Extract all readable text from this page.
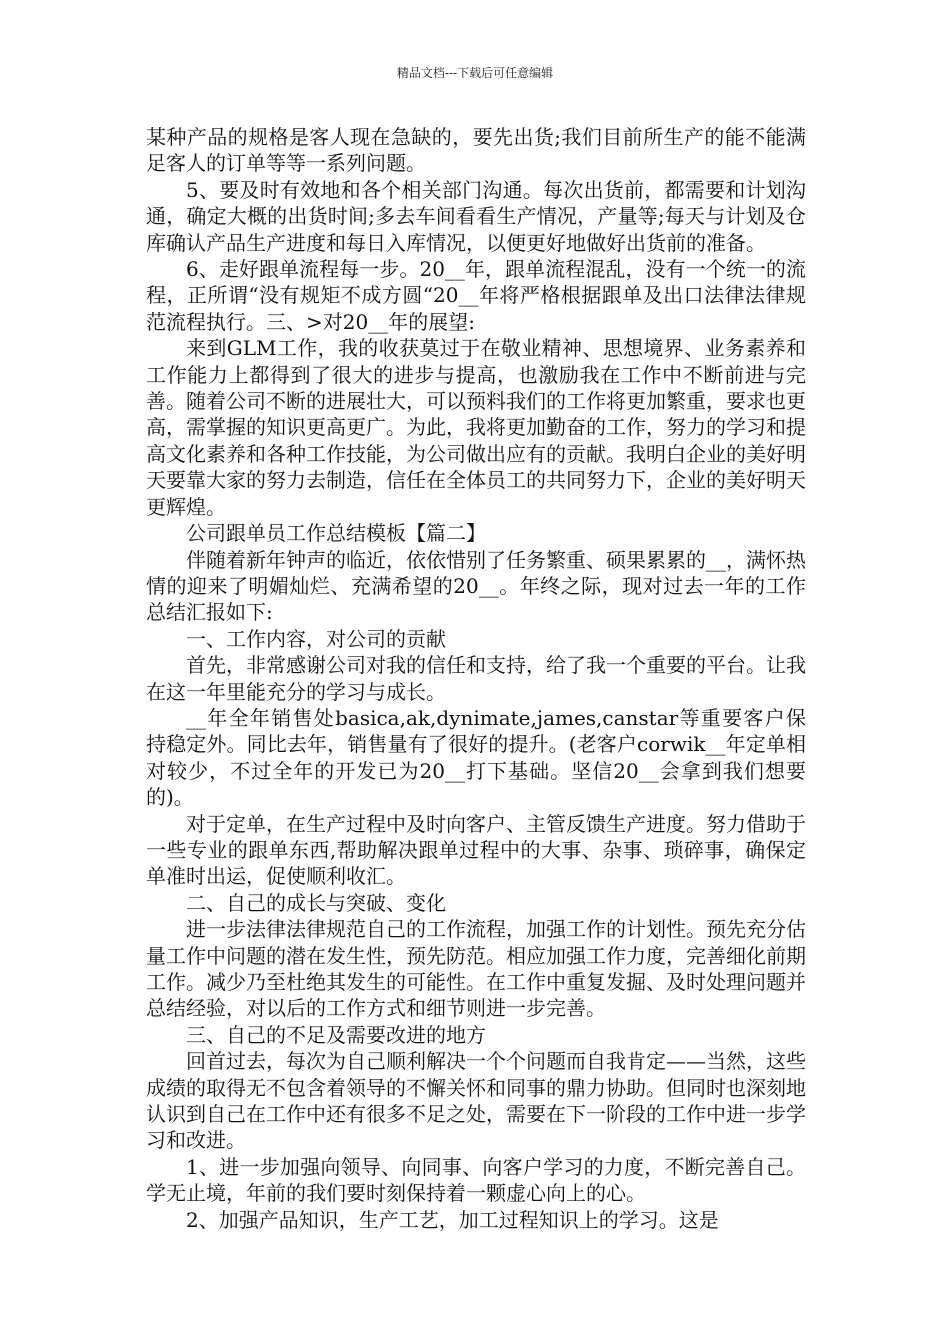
精品文档---下载后可任意编辑

某种产品的规格是客人现在急缺的，要先出货;我们目前所生产的能不能满足客人的订单等等一系列问题。

5、要及时有效地和各个相关部门沟通。每次出货前，都需要和计划沟通，确定大概的出货时间;多去车间看看生产情况，产量等;每天与计划及仓库确认产品生产进度和每日入库情况，以便更好地做好出货前的准备。

6、走好跟单流程每一步。20__年，跟单流程混乱，没有一个统一的流程，正所谓“没有规矩不成方圆“20__年将严格根据跟单及出口法律法律规范流程执行。三、>对20__年的展望:

来到GLM工作，我的收获莫过于在敬业精神、思想境界、业务素养和工作能力上都得到了很大的进步与提高，也激励我在工作中不断前进与完善。随着公司不断的进展壮大，可以预料我们的工作将更加繁重，要求也更高，需掌握的知识更高更广。为此，我将更加勤奋的工作，努力的学习和提高文化素养和各种工作技能，为公司做出应有的贡献。我明白企业的美好明天要靠大家的努力去制造，信任在全体员工的共同努力下，企业的美好明天更辉煌。

公司跟单员工作总结模板【篇二】

伴随着新年钟声的临近，依依惜别了任务繁重、硕果累累的__，满怀热情的迎来了明媚灿烂、充满希望的20__。年终之际，现对过去一年的工作总结汇报如下:

一、工作内容，对公司的贡献

首先，非常感谢公司对我的信任和支持，给了我一个重要的平台。让我在这一年里能充分的学习与成长。

__年全年销售处basica,ak,dynimate,james,canstar等重要客户保持稳定外。同比去年，销售量有了很好的提升。(老客户corwik__年定单相对较少，不过全年的开发已为20__打下基础。坚信20__会拿到我们想要的)。

对于定单，在生产过程中及时向客户、主管反馈生产进度。努力借助于一些专业的跟单东西,帮助解决跟单过程中的大事、杂事、琐碎事，确保定单准时出运，促使顺利收汇。

二、自己的成长与突破、变化

进一步法律法律规范自己的工作流程，加强工作的计划性。预先充分估量工作中问题的潜在发生性，预先防范。相应加强工作力度，完善细化前期工作。减少乃至杜绝其发生的可能性。在工作中重复发掘、及时处理问题并总结经验，对以后的工作方式和细节则进一步完善。

三、自己的不足及需要改进的地方

回首过去，每次为自己顺利解决一个个问题而自我肯定——当然，这些成绩的取得无不包含着领导的不懈关怀和同事的鼎力协助。但同时也深刻地认识到自己在工作中还有很多不足之处，需要在下一阶段的工作中进一步学习和改进。

1、进一步加强向领导、向同事、向客户学习的力度，不断完善自己。学无止境，年前的我们要时刻保持着一颗虚心向上的心。

2、加强产品知识，生产工艺，加工过程知识上的学习。这是
